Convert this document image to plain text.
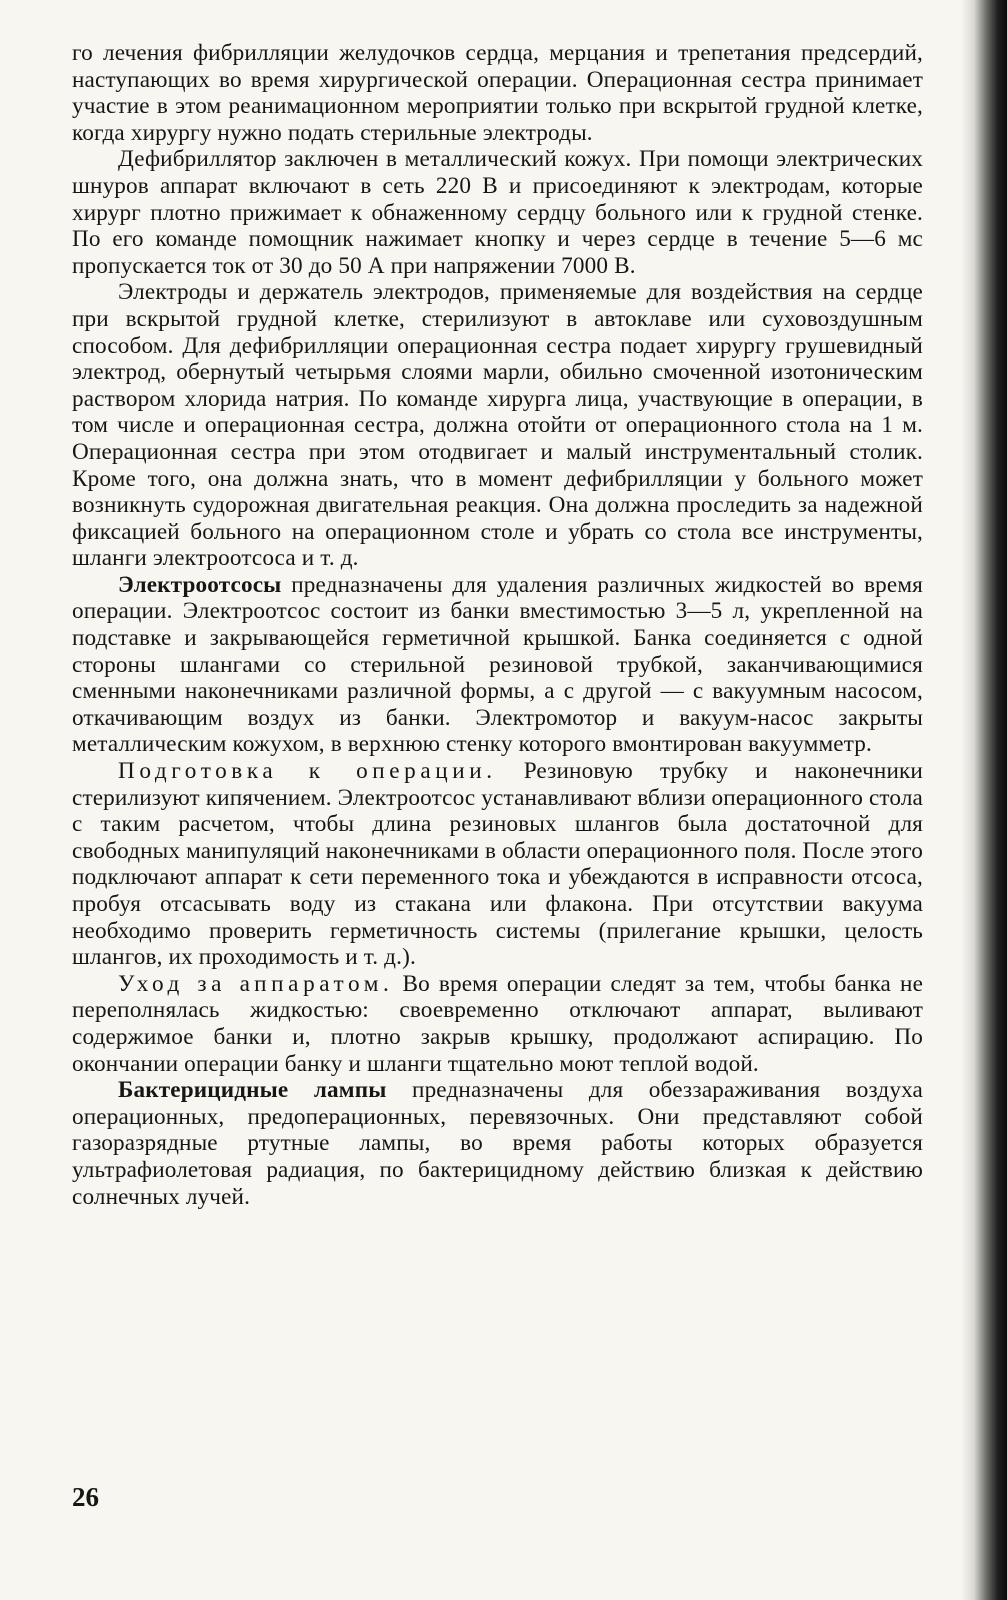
го лечения фибрилляции желудочков сердца, мерцания и трепетания предсердий, наступающих во время хирургической операции. Операционная сестра принимает участие в этом реанимационном мероприятии только при вскрытой грудной клетке, когда хирургу нужно подать стерильные электроды.

Дефибриллятор заключен в металлический кожух. При помощи электрических шнуров аппарат включают в сеть 220 В и присоединяют к электродам, которые хирург плотно прижимает к обнаженному сердцу больного или к грудной стенке. По его команде помощник нажимает кнопку и через сердце в течение 5—6 мс пропускается ток от 30 до 50 А при напряжении 7000 В.

Электроды и держатель электродов, применяемые для воздействия на сердце при вскрытой грудной клетке, стерилизуют в автоклаве или суховоздушным способом. Для дефибрилляции операционная сестра подает хирургу грушевидный электрод, обернутый четырьмя слоями марли, обильно смоченной изотоническим раствором хлорида натрия. По команде хирурга лица, участвующие в операции, в том числе и операционная сестра, должна отойти от операционного стола на 1 м. Операционная сестра при этом отодвигает и малый инструментальный столик. Кроме того, она должна знать, что в момент дефибрилляции у больного может возникнуть судорожная двигательная реакция. Она должна проследить за надежной фиксацией больного на операционном столе и убрать со стола все инструменты, шланги электроотсоса и т. д.

Электроотсосы предназначены для удаления различных жидкостей во время операции. Электроотсос состоит из банки вместимостью 3—5 л, укрепленной на подставке и закрывающейся герметичной крышкой. Банка соединяется с одной стороны шлангами со стерильной резиновой трубкой, заканчивающимися сменными наконечниками различной формы, а с другой — с вакуумным насосом, откачивающим воздух из банки. Электромотор и вакуум-насос закрыты металлическим кожухом, в верхнюю стенку которого вмонтирован вакуумметр.

Подготовка к операции. Резиновую трубку и наконечники стерилизуют кипячением. Электроотсос устанавливают вблизи операционного стола с таким расчетом, чтобы длина резиновых шлангов была достаточной для свободных манипуляций наконечниками в области операционного поля. После этого подключают аппарат к сети переменного тока и убеждаются в исправности отсоса, пробуя отсасывать воду из стакана или флакона. При отсутствии вакуума необходимо проверить герметичность системы (прилегание крышки, целость шлангов, их проходимость и т. д.).

Уход за аппаратом. Во время операции следят за тем, чтобы банка не переполнялась жидкостью: своевременно отключают аппарат, выливают содержимое банки и, плотно закрыв крышку, продолжают аспирацию. По окончании операции банку и шланги тщательно моют теплой водой.

Бактерицидные лампы предназначены для обеззараживания воздуха операционных, предоперационных, перевязочных. Они представляют собой газоразрядные ртутные лампы, во время работы которых образуется ультрафиолетовая радиация, по бактерицидному действию близкая к действию солнечных лучей.

26
